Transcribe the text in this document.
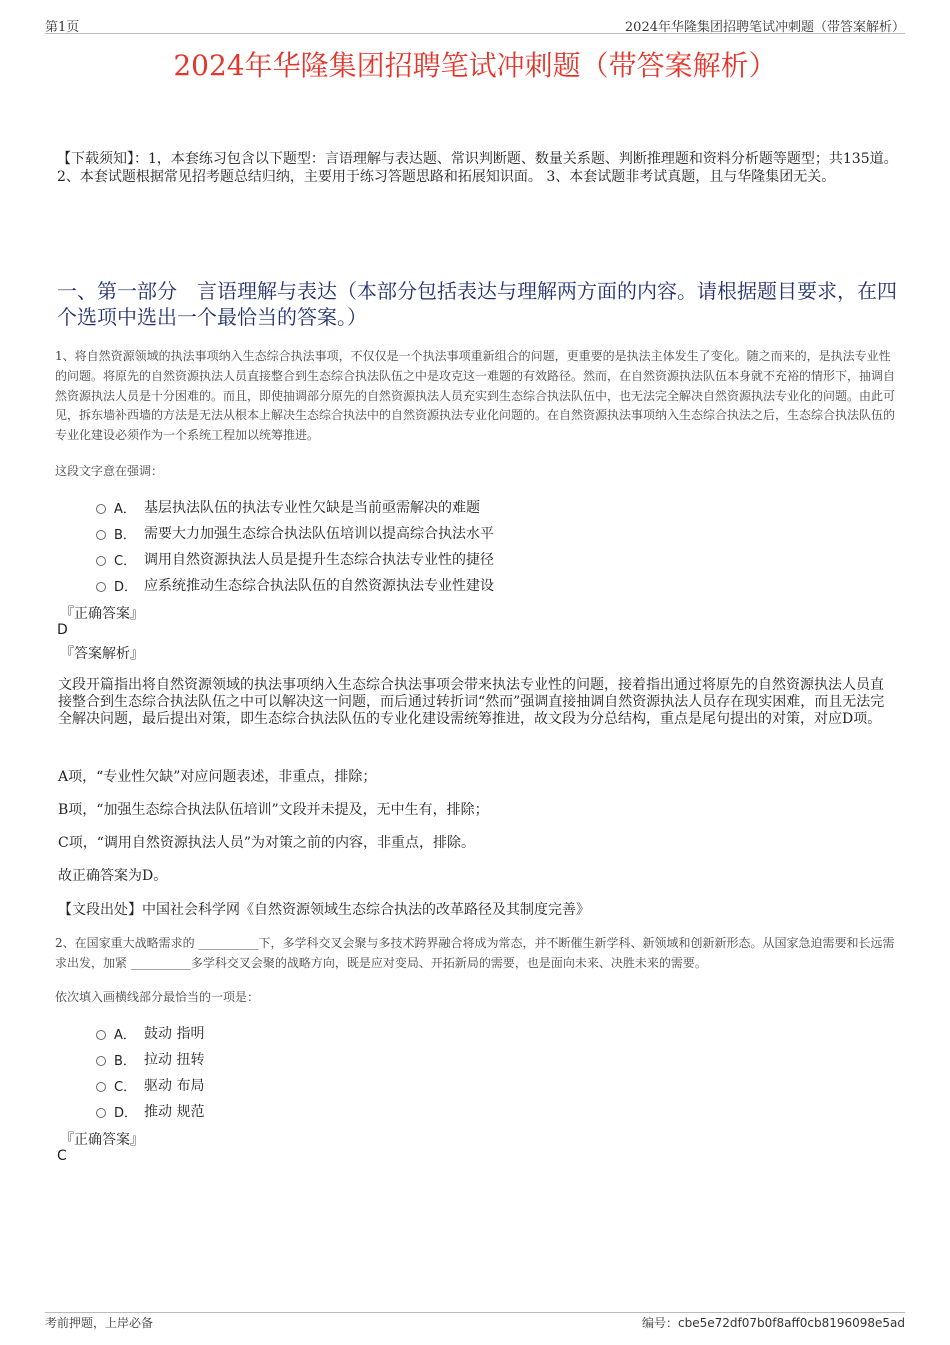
第1页	2024年华隆集团招聘笔试冲刺题（带答案解析）
2024年华隆集团招聘笔试冲刺题（带答案解析）
【下载须知】：1，本套练习包含以下题型：言语理解与表达题、常识判断题、数量关系题、判断推理题和资料分析题等题型；共135道。 2、本套试题根据常见招考题总结归纳，主要用于练习答题思路和拓展知识面。 3、本套试题非考试真题，且与华隆集团无关。
一、第一部分　言语理解与表达（本部分包括表达与理解两方面的内容。请根据题目要求，在四个选项中选出一个最恰当的答案。）
1、将自然资源领域的执法事项纳入生态综合执法事项，不仅仅是一个执法事项重新组合的问题，更重要的是执法主体发生了变化。随之而来的，是执法专业性的问题。将原先的自然资源执法人员直接整合到生态综合执法队伍之中是攻克这一难题的有效路径。然而，在自然资源执法队伍本身就不充裕的情形下，抽调自然资源执法人员是十分困难的。而且，即使抽调部分原先的自然资源执法人员充实到生态综合执法队伍中，也无法完全解决自然资源执法专业化的问题。由此可见，拆东墙补西墙的方法是无法从根本上解决生态综合执法中的自然资源执法专业化问题的。在自然资源执法事项纳入生态综合执法之后，生态综合执法队伍的专业化建设必须作为一个系统工程加以统筹推进。
这段文字意在强调：
A． 基层执法队伍的执法专业性欠缺是当前亟需解决的难题
B． 需要大力加强生态综合执法队伍培训以提高综合执法水平
C． 调用自然资源执法人员是提升生态综合执法专业性的捷径
D． 应系统推动生态综合执法队伍的自然资源执法专业性建设
『正确答案』
D
『答案解析』
文段开篇指出将自然资源领域的执法事项纳入生态综合执法事项会带来执法专业性的问题，接着指出通过将原先的自然资源执法人员直接整合到生态综合执法队伍之中可以解决这一问题，而后通过转折词“然而”强调直接抽调自然资源执法人员存在现实困难，而且无法完全解决问题，最后提出对策，即生态综合执法队伍的专业化建设需统筹推进，故文段为分总结构，重点是尾句提出的对策，对应D项。
A项，“专业性欠缺”对应问题表述，非重点，排除；
B项，“加强生态综合执法队伍培训”文段并未提及，无中生有，排除；
C项，“调用自然资源执法人员”为对策之前的内容，非重点，排除。
故正确答案为D。
【文段出处】中国社会科学网《自然资源领域生态综合执法的改革路径及其制度完善》
2、在国家重大战略需求的 __________下，多学科交叉会聚与多技术跨界融合将成为常态，并不断催生新学科、新领域和创新新形态。从国家急迫需要和长远需求出发，加紧 __________多学科交叉会聚的战略方向，既是应对变局、开拓新局的需要，也是面向未来、决胜未来的需要。
依次填入画横线部分最恰当的一项是：
A． 鼓动 指明
B． 拉动 扭转
C． 驱动 布局
D． 推动 规范
『正确答案』
C
考前押题，上岸必备	编号：cbe5e72df07b0f8aff0cb8196098e5ad
